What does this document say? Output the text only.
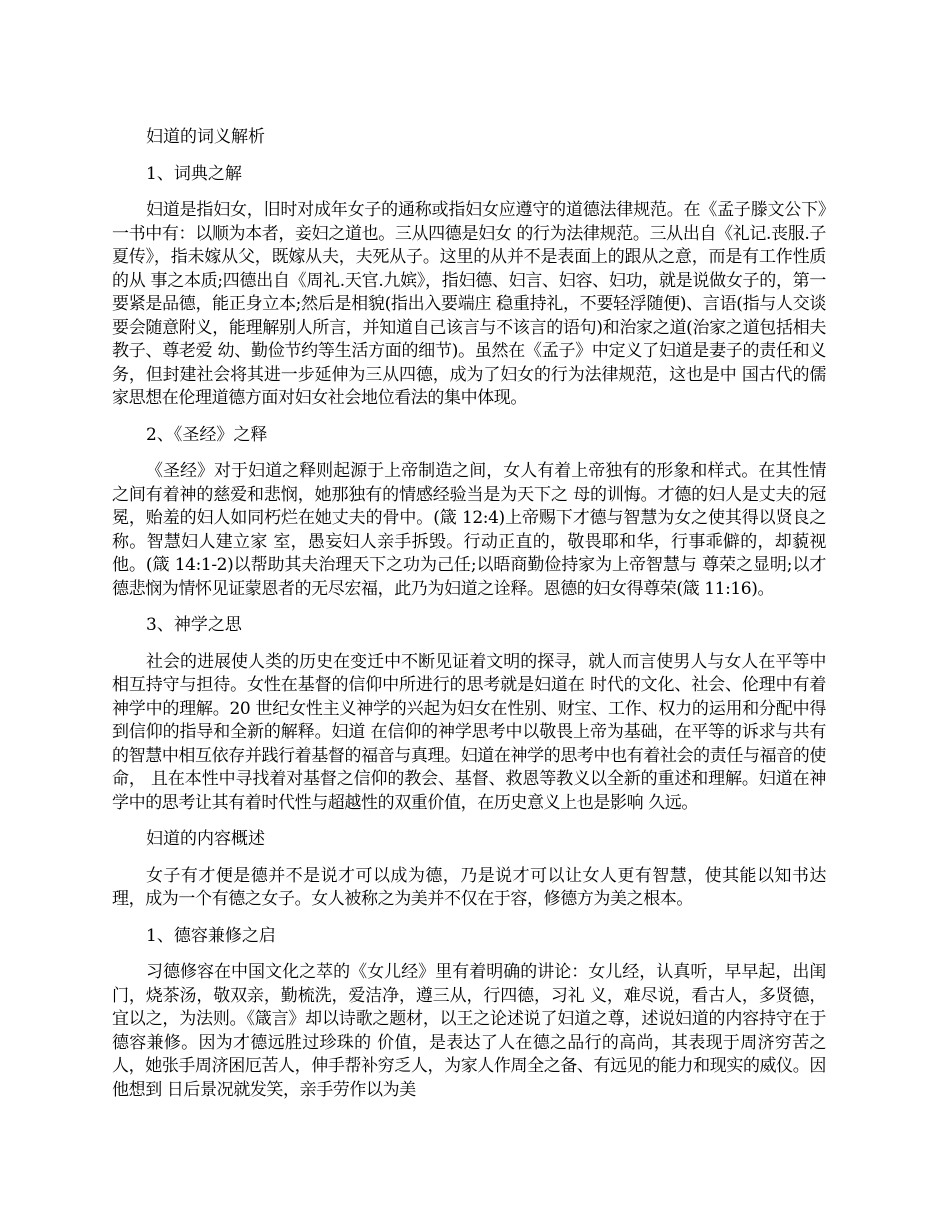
妇道的词义解析
1、词典之解

妇道是指妇女，旧时对成年女子的通称或指妇女应遵守的道德法律规范。在《孟子滕文公下》一书中有：以顺为本者，妾妇之道也。三从四德是妇女 的行为法律规范。三从出自《礼记.丧服.子夏传》，指未嫁从父，既嫁从夫，夫死从子。这里的从并不是表面上的跟从之意，而是有工作性质的从 事之本质;四德出自《周礼.天官.九嫔》，指妇德、妇言、妇容、妇功，就是说做女子的，第一要紧是品德，能正身立本;然后是相貌(指出入要端庄 稳重持礼，不要轻浮随便)、言语(指与人交谈要会随意附义，能理解别人所言，并知道自己该言与不该言的语句)和治家之道(治家之道包括相夫教子、尊老爱 幼、勤俭节约等生活方面的细节)。虽然在《孟子》中定义了妇道是妻子的责任和义务，但封建社会将其进一步延伸为三从四德，成为了妇女的行为法律规范，这也是中 国古代的儒家思想在伦理道德方面对妇女社会地位看法的集中体现。

2、《圣经》之释

《圣经》对于妇道之释则起源于上帝制造之间，女人有着上帝独有的形象和样式。在其性情之间有着神的慈爱和悲悯，她那独有的情感经验当是为天下之 母的训悔。才德的妇人是丈夫的冠冕，贻羞的妇人如同朽烂在她丈夫的骨中。(箴 12:4)上帝赐下才德与智慧为女之使其得以贤良之称。智慧妇人建立家 室，愚妄妇人亲手拆毁。行动正直的，敬畏耶和华，行事乖僻的，却藐视他。(箴 14:1-2)以帮助其夫治理天下之功为己任;以晤商勤俭持家为上帝智慧与 尊荣之显明;以才德悲悯为情怀见证蒙恩者的无尽宏福，此乃为妇道之诠释。恩德的妇女得尊荣(箴 11:16)。

3、神学之思

社会的进展使人类的历史在变迁中不断见证着文明的探寻，就人而言使男人与女人在平等中相互持守与担待。女性在基督的信仰中所进行的思考就是妇道在 时代的文化、社会、伦理中有着神学中的理解。20 世纪女性主义神学的兴起为妇女在性别、财宝、工作、权力的运用和分配中得到信仰的指导和全新的解释。妇道 在信仰的神学思考中以敬畏上帝为基础，在平等的诉求与共有的智慧中相互依存并践行着基督的福音与真理。妇道在神学的思考中也有着社会的责任与福音的使命， 且在本性中寻找着对基督之信仰的教会、基督、救恩等教义以全新的重述和理解。妇道在神学中的思考让其有着时代性与超越性的双重价值，在历史意义上也是影响 久远。

妇道的内容概述

女子有才便是德并不是说才可以成为德，乃是说才可以让女人更有智慧，使其能以知书达理，成为一个有德之女子。女人被称之为美并不仅在于容，修德方为美之根本。

1、德容兼修之启

习德修容在中国文化之萃的《女儿经》里有着明确的讲论：女儿经，认真听，早早起，出闺门，烧茶汤，敬双亲，勤梳洗，爱洁净，遵三从，行四德，习礼 义，难尽说，看古人，多贤德，宜以之，为法则。《箴言》却以诗歌之题材，以王之论述说了妇道之尊，述说妇道的内容持守在于德容兼修。因为才德远胜过珍珠的 价值，是表达了人在德之品行的高尚，其表现于周济穷苦之人，她张手周济困厄苦人，伸手帮补穷乏人，为家人作周全之备、有远见的能力和现实的威仪。因他想到 日后景况就发笑，亲手劳作以为美
